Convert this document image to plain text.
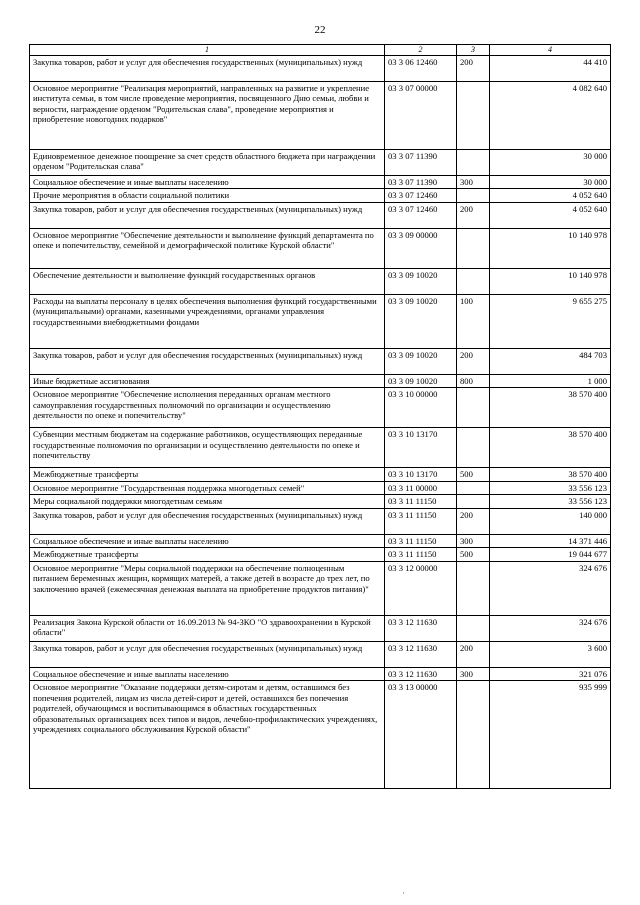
22
1	2	3	4
Закупка товаров, работ и услуг для обеспечения государственных (муниципальных) нужд	03 3 06 12460	200	44 410
Основное мероприятие "Реализация мероприятий, направленных на развитие и укрепление института семьи, в том числе проведение мероприятия, посвященного Дню семьи, любви и верности, награждение орденом "Родительская слава", проведение мероприятия и приобретение новогодних подарков"	03 3 07 00000		4 082 640
Единовременное денежное поощрение за счет средств областного бюджета при награждении орденом "Родительская слава"	03 3 07 11390		30 000
Социальное обеспечение и иные выплаты населению	03 3 07 11390	300	30 000
Прочие мероприятия в области социальной политики	03 3 07 12460		4 052 640
Закупка товаров, работ и услуг для обеспечения государственных (муниципальных) нужд	03 3 07 12460	200	4 052 640
Основное мероприятие "Обеспечение деятельности и выполнение функций департамента по опеке и попечительству, семейной и демографической политике Курской области"	03 3 09 00000		10 140 978
Обеспечение деятельности и выполнение функций государственных органов	03 3 09 10020		10 140 978
Расходы на выплаты персоналу в целях обеспечения выполнения функций государственными (муниципальными) органами, казенными учреждениями, органами управления государственными внебюджетными фондами	03 3 09 10020	100	9 655 275
Закупка товаров, работ и услуг для обеспечения государственных (муниципальных) нужд	03 3 09 10020	200	484 703
Иные бюджетные ассигнования	03 3 09 10020	800	1 000
Основное мероприятие "Обеспечение исполнения переданных органам местного самоуправления государственных полномочий по организации и осуществлению деятельности по опеке и попечительству"	03 3 10 00000		38 570 400
Субвенции местным бюджетам на содержание работников, осуществляющих переданные государственные полномочия по организации и осуществлению деятельности по опеке и попечительству	03 3 10 13170		38 570 400
Межбюджетные трансферты	03 3 10 13170	500	38 570 400
Основное мероприятие "Государственная поддержка многодетных семей"	03 3 11 00000		33 556 123
Меры социальной поддержки многодетным семьям	03 3 11 11150		33 556 123
Закупка товаров, работ и услуг для обеспечения государственных (муниципальных) нужд	03 3 11 11150	200	140 000
Социальное обеспечение и иные выплаты населению	03 3 11 11150	300	14 371 446
Межбюджетные трансферты	03 3 11 11150	500	19 044 677
Основное мероприятие "Меры социальной поддержки на обеспечение полноценным питанием беременных женщин, кормящих матерей, а также детей в возрасте до трех лет, по заключению врачей (ежемесячная денежная выплата на приобретение продуктов питания)"	03 3 12 00000		324 676
Реализация Закона Курской области от 16.09.2013 № 94-ЗКО "О здравоохранении в Курской области"	03 3 12 11630		324 676
Закупка товаров, работ и услуг для обеспечения государственных (муниципальных) нужд	03 3 12 11630	200	3 600
Социальное обеспечение и иные выплаты населению	03 3 12 11630	300	321 076
Основное мероприятие "Оказание поддержки детям-сиротам и детям, оставшимся без попечения родителей, лицам из числа детей-сирот и детей, оставшихся без попечения родителей, обучающимся и воспитывающимся в областных государственных образовательных организациях всех типов и видов, лечебно-профилактических учреждениях, учреждениях социального обслуживания Курской области"	03 3 13 00000		935 999
·
